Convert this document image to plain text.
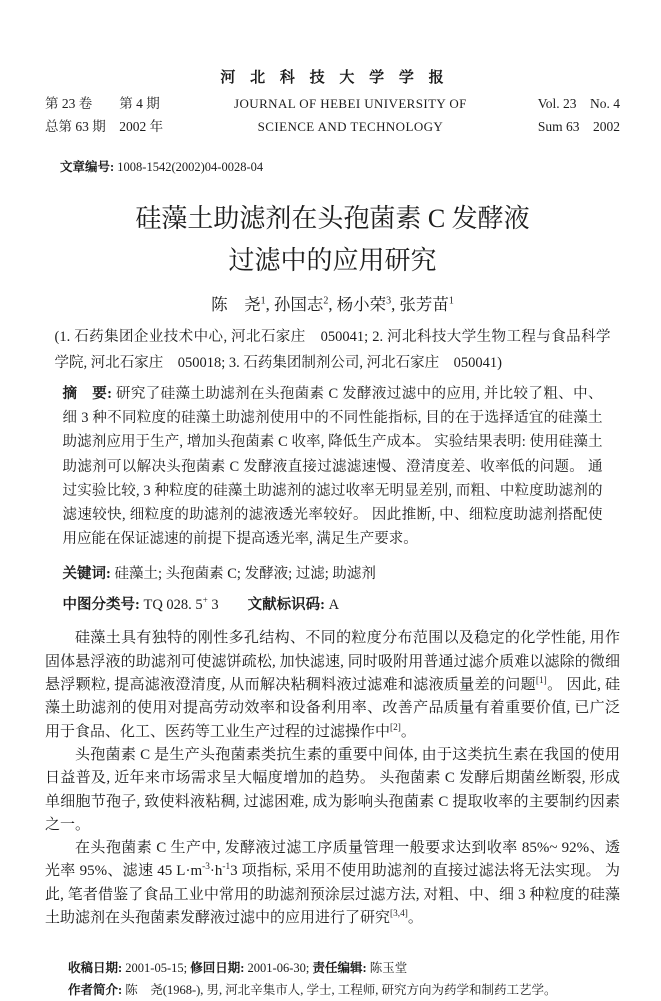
河 北 科 技 大 学 学 报
第 23 卷　　第 4 期
总第 63 期　2002 年
JOURNAL OF HEBEI UNIVERSITY OF
SCIENCE AND TECHNOLOGY
Vol. 23　No. 4
Sum 63　2002
文章编号: 1008-1542(2002)04-0028-04
硅藻土助滤剂在头孢菌素 C 发酵液
过滤中的应用研究
陈　尧$^1$, 孙国志$^2$, 杨小荣$^3$, 张芳苗$^1$
(1. 石药集团企业技术中心, 河北石家庄　050041; 2. 河北科技大学生物工程与食品科学学院, 河北石家庄　050018; 3. 石药集团制剂公司, 河北石家庄　050041)

摘　要: 研究了硅藻土助滤剂在头孢菌素 C 发酵液过滤中的应用, 并比较了粗、中、细 3 种不同粒度的硅藻土助滤剂使用中的不同性能指标, 目的在于选择适宜的硅藻土助滤剂应用于生产, 增加头孢菌素 C 收率, 降低生产成本。 实验结果表明: 使用硅藻土助滤剂可以解决头孢菌素 C 发酵液直接过滤滤速慢、澄清度差、收率低的问题。 通过实验比较, 3 种粒度的硅藻土助滤剂的滤过收率无明显差别, 而粗、中粒度助滤剂的滤速较快, 细粒度的助滤剂的滤液透光率较好。 因此推断, 中、细粒度助滤剂搭配使用应能在保证滤速的前提下提高透光率, 满足生产要求。

关键词: 硅藻土; 头孢菌素 C; 发酵液; 过滤; 助滤剂

中图分类号: TQ 028. 5+ 3　　文献标识码: A

硅藻土具有独特的刚性多孔结构、不同的粒度分布范围以及稳定的化学性能, 用作固体悬浮液的助滤剂可使滤饼疏松, 加快滤速, 同时吸附用普通过滤介质难以滤除的微细悬浮颗粒, 提高滤液澄清度, 从而解决粘稠料液过滤难和滤液质量差的问题[1]。 因此, 硅藻土助滤剂的使用对提高劳动效率和设备利用率、改善产品质量有着重要价值, 已广泛用于食品、化工、医药等工业生产过程的过滤操作中[2]。

头孢菌素 C 是生产头孢菌素类抗生素的重要中间体, 由于这类抗生素在我国的使用日益普及, 近年来市场需求呈大幅度增加的趋势。 头孢菌素 C 发酵后期菌丝断裂, 形成单细胞节孢子, 致使料液粘稠, 过滤困难, 成为影响头孢菌素 C 提取收率的主要制约因素之一。

在头孢菌素 C 生产中, 发酵液过滤工序质量管理一般要求达到收率 85%~ 92%、透光率 95%、滤速 45 $L\cdot m^{-3}\cdot h^{-1}3$ 项指标, 采用不使用助滤剂的直接过滤法将无法实现。 为此, 笔者借鉴了食品工业中常用的助滤剂预涂层过滤方法, 对粗、中、细 3 种粒度的硅藻土助滤剂在头孢菌素发酵液过滤中的应用进行了研究[3,4]。

收稿日期: 2001-05-15; 修回日期: 2001-06-30; 责任编辑: 陈玉堂
作者简介: 陈　尧(1968-), 男, 河北辛集市人, 学士, 工程师, 研究方向为药学和制药工艺学。
